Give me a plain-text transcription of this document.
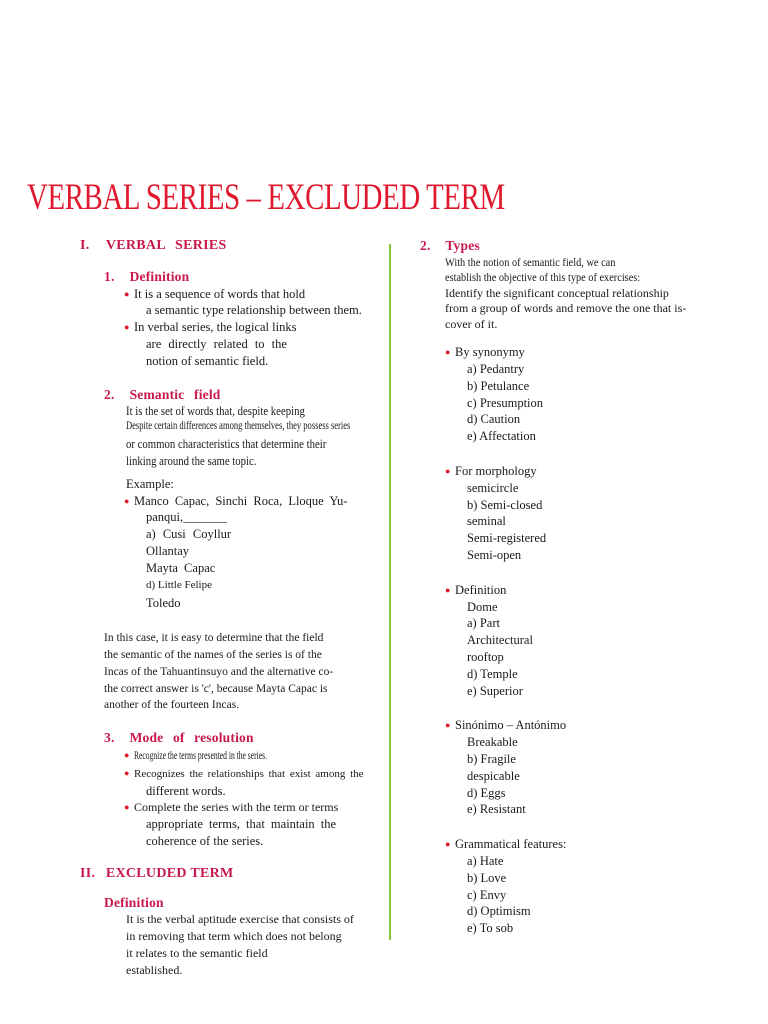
VERBAL SERIES – EXCLUDED TERM
I. VERBAL SERIES
1. Definition

● It is a sequence of words that hold

a semantic type relationship between them.

● In verbal series, the logical links

are directly related to the

notion of semantic field.

2. Semantic field

It is the set of words that, despite keeping

Despite certain differences among themselves, they possess series

or common characteristics that determine their

linking around the same topic.

Example:

● Manco Capac, Sinchi Roca, Lloque Yu-

panqui,_______

a) Cusi Coyllur

Ollantay

Mayta Capac

d) Little Felipe

Toledo

In this case, it is easy to determine that the field

the semantic of the names of the series is of the

Incas of the Tahuantinsuyo and the alternative co-

the correct answer is 'c', because Mayta Capac is

another of the fourteen Incas.

3. Mode of resolution

● Recognize the terms presented in the series.

● Recognizes the relationships that exist among the

different words.

● Complete the series with the term or terms

appropriate terms, that maintain the

coherence of the series.

II. EXCLUDED TERM
Definition

It is the verbal aptitude exercise that consists of

in removing that term which does not belong

it relates to the semantic field

established.

2. Types

With the notion of semantic field, we can

establish the objective of this type of exercises:

Identify the significant conceptual relationship

from a group of words and remove the one that is-

cover of it.

● By synonymy

a) Pedantry

b) Petulance

c) Presumption

d) Caution

e) Affectation

● For morphology

semicircle

b) Semi-closed

seminal

Semi-registered

Semi-open

● Definition

Dome

a) Part

Architectural

rooftop

d) Temple

e) Superior

● Sinónimo – Antónimo

Breakable

b) Fragile

despicable

d) Eggs

e) Resistant

● Grammatical features:

a) Hate

b) Love

c) Envy

d) Optimism

e) To sob
